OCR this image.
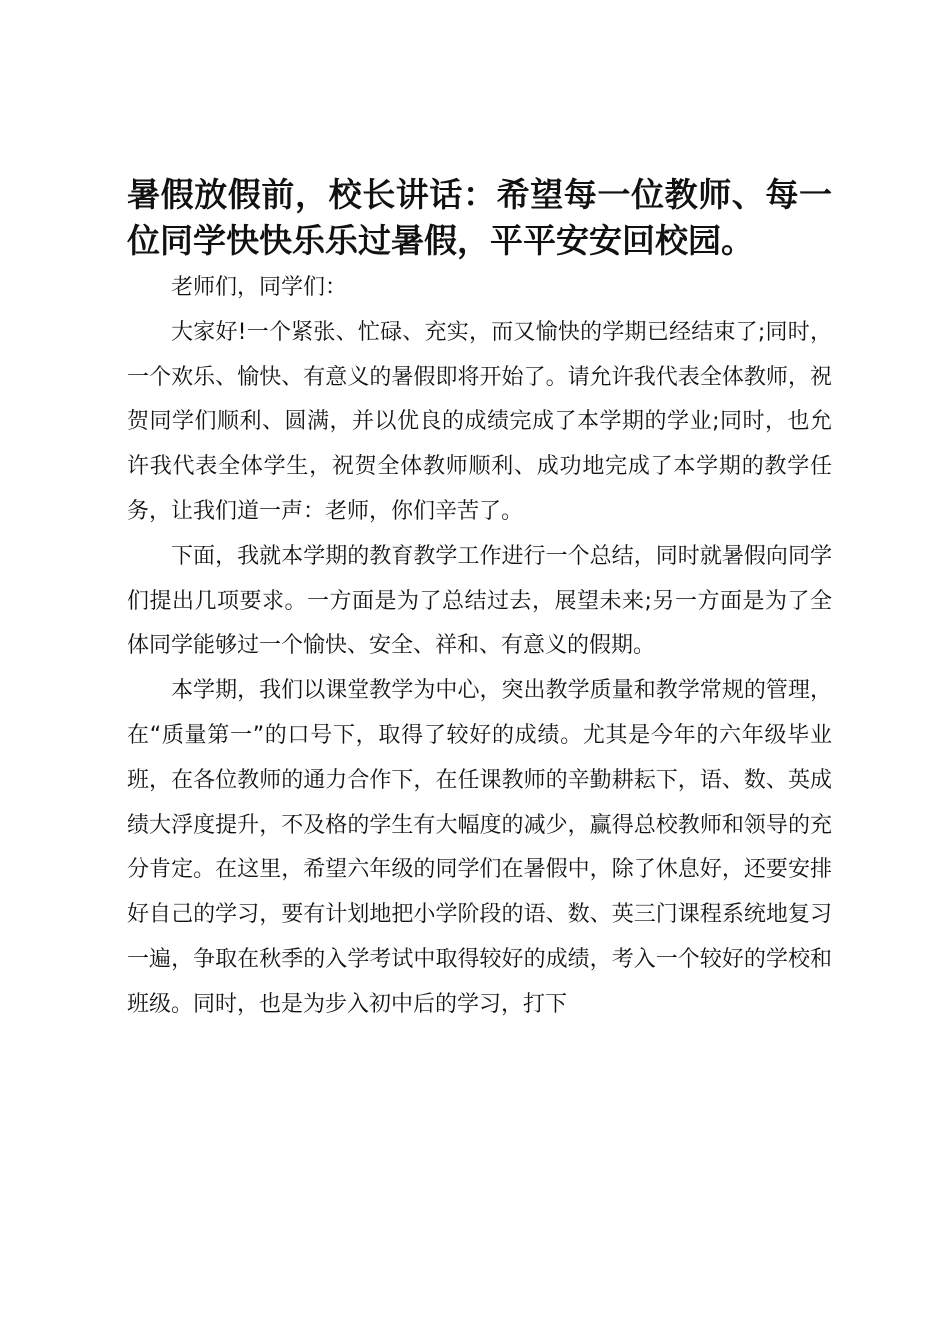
暑假放假前，校长讲话：希望每一位教师、每一位同学快快乐乐过暑假，平平安安回校园。

老师们，同学们：

大家好!一个紧张、忙碌、充实，而又愉快的学期已经结束了;同时，一个欢乐、愉快、有意义的暑假即将开始了。请允许我代表全体教师，祝贺同学们顺利、圆满，并以优良的成绩完成了本学期的学业;同时，也允许我代表全体学生，祝贺全体教师顺利、成功地完成了本学期的教学任务，让我们道一声：老师，你们辛苦了。

下面，我就本学期的教育教学工作进行一个总结，同时就暑假向同学们提出几项要求。一方面是为了总结过去，展望未来;另一方面是为了全体同学能够过一个愉快、安全、祥和、有意义的假期。

本学期，我们以课堂教学为中心，突出教学质量和教学常规的管理，在“质量第一”的口号下，取得了较好的成绩。尤其是今年的六年级毕业班，在各位教师的通力合作下，在任课教师的辛勤耕耘下，语、数、英成绩大浮度提升，不及格的学生有大幅度的减少，赢得总校教师和领导的充分肯定。在这里，希望六年级的同学们在暑假中，除了休息好，还要安排好自己的学习，要有计划地把小学阶段的语、数、英三门课程系统地复习一遍，争取在秋季的入学考试中取得较好的成绩，考入一个较好的学校和班级。同时，也是为步入初中后的学习，打下
